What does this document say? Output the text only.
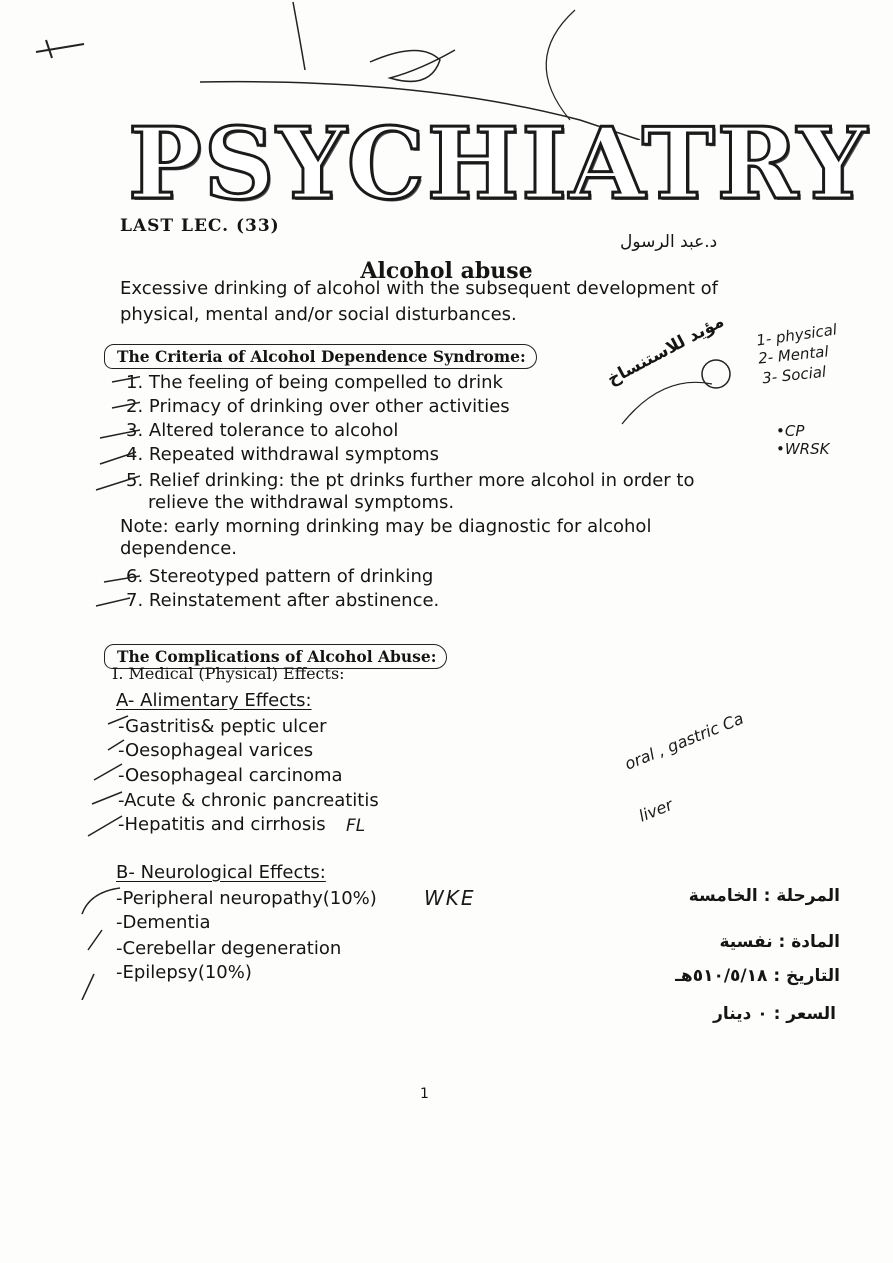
PSYCHIATRY
LAST LEC. (33)
د.عبد الرسول
Alcohol abuse
Excessive drinking of alcohol with the subsequent development of
physical, mental and/or social disturbances.
The Criteria of Alcohol Dependence Syndrome:
1. The feeling of being compelled to drink
2. Primacy of drinking over other activities
3. Altered tolerance to alcohol
4. Repeated withdrawal symptoms
5. Relief drinking: the pt drinks further more alcohol in order to
relieve the withdrawal symptoms.
Note: early morning drinking may be diagnostic for alcohol
dependence.
6. Stereotyped pattern of drinking
7. Reinstatement after abstinence.
The Complications of Alcohol Abuse:
I. Medical (Physical) Effects:
A- Alimentary Effects:
-Gastritis& peptic ulcer
-Oesophageal varices
-Oesophageal carcinoma
-Acute & chronic pancreatitis
-Hepatitis and cirrhosis
B- Neurological Effects:
-Peripheral neuropathy(10%)
-Dementia
-Cerebellar degeneration
-Epilepsy(10%)
1- physical
2- Mental
3- Social
•CP
•WRSK
oral , gastric Ca
liver
FL
WKE
مؤيد للاستنساخ
المرحلة : الخامسة
المادة : نفسية
التاريخ : ٥١٠/٥/١٨هـ
السعر : ٠ دينار
1
